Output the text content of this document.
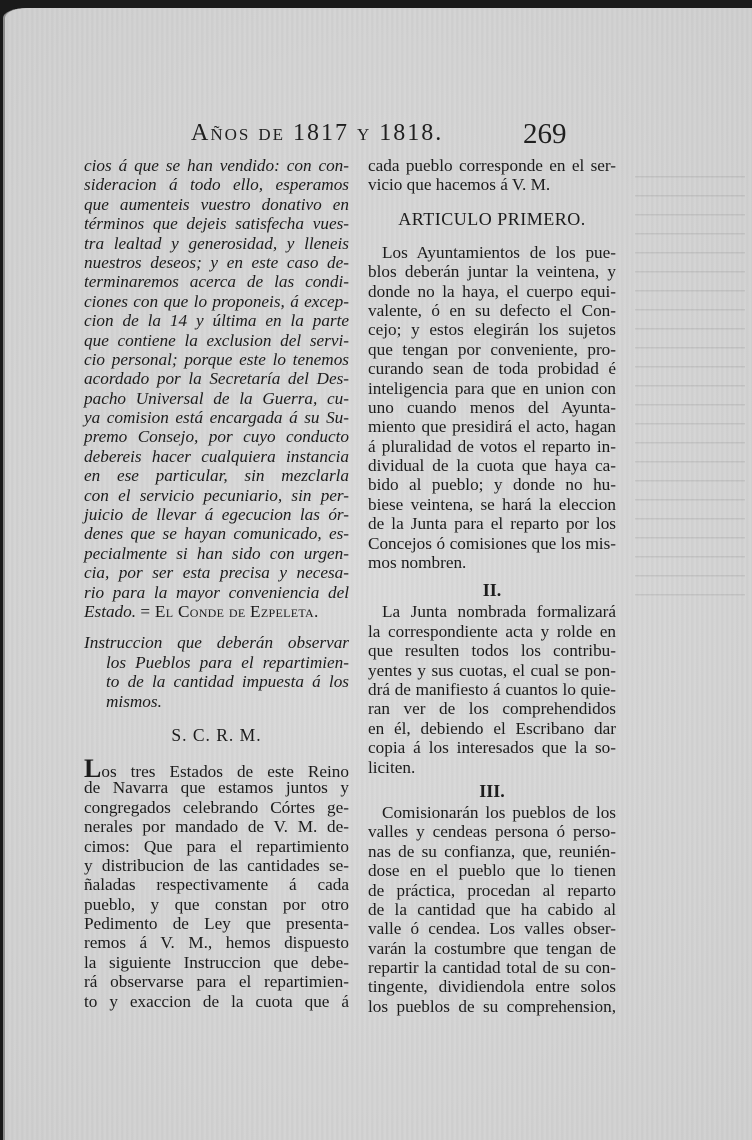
Años de 1817 y 1818.	269
cios á que se han vendido: con con-
sideracion á todo ello, esperamos
que aumenteis vuestro donativo en
términos que dejeis satisfecha vues-
tra lealtad y generosidad, y lleneis
nuestros deseos; y en este caso de-
terminaremos acerca de las condi-
ciones con que lo proponeis, á excep-
cion de la 14 y última en la parte
que contiene la exclusion del servi-
cio personal; porque este lo tenemos
acordado por la Secretaría del Des-
pacho Universal de la Guerra, cu-
ya comision está encargada á su Su-
premo Consejo, por cuyo conducto
debereis hacer cualquiera instancia
en ese particular, sin mezclarla
con el servicio pecuniario, sin per-
juicio de llevar á egecucion las ór-
denes que se hayan comunicado, es-
pecialmente si han sido con urgen-
cia, por ser esta precisa y necesa-
rio para la mayor conveniencia del
Estado. = El Conde de Ezpeleta.
Instruccion que deberán observar
los Pueblos para el repartimien-
to de la cantidad impuesta á los
mismos.
S. C. R. M.
Los tres Estados de este Reino
de Navarra que estamos juntos y
congregados celebrando Córtes ge-
nerales por mandado de V. M. de-
cimos: Que para el repartimiento
y distribucion de las cantidades se-
ñaladas respectivamente á cada
pueblo, y que constan por otro
Pedimento de Ley que presenta-
remos á V. M., hemos dispuesto
la siguiente Instruccion que debe-
rá observarse para el repartimien-
to y exaccion de la cuota que á
cada pueblo corresponde en el ser-
vicio que hacemos á V. M.
ARTICULO PRIMERO.
Los Ayuntamientos de los pue-
blos deberán juntar la veintena, y
donde no la haya, el cuerpo equi-
valente, ó en su defecto el Con-
cejo; y estos elegirán los sujetos
que tengan por conveniente, pro-
curando sean de toda probidad é
inteligencia para que en union con
uno cuando menos del Ayunta-
miento que presidirá el acto, hagan
á pluralidad de votos el reparto in-
dividual de la cuota que haya ca-
bido al pueblo; y donde no hu-
biese veintena, se hará la eleccion
de la Junta para el reparto por los
Concejos ó comisiones que los mis-
mos nombren.
II.
La Junta nombrada formalizará
la correspondiente acta y rolde en
que resulten todos los contribu-
yentes y sus cuotas, el cual se pon-
drá de manifiesto á cuantos lo quie-
ran ver de los comprehendidos
en él, debiendo el Escribano dar
copia á los interesados que la so-
liciten.
III.
Comisionarán los pueblos de los
valles y cendeas persona ó perso-
nas de su confianza, que, reunién-
dose en el pueblo que lo tienen
de práctica, procedan al reparto
de la cantidad que ha cabido al
valle ó cendea. Los valles obser-
varán la costumbre que tengan de
repartir la cantidad total de su con-
tingente, dividiendola entre solos
los pueblos de su comprehension,
